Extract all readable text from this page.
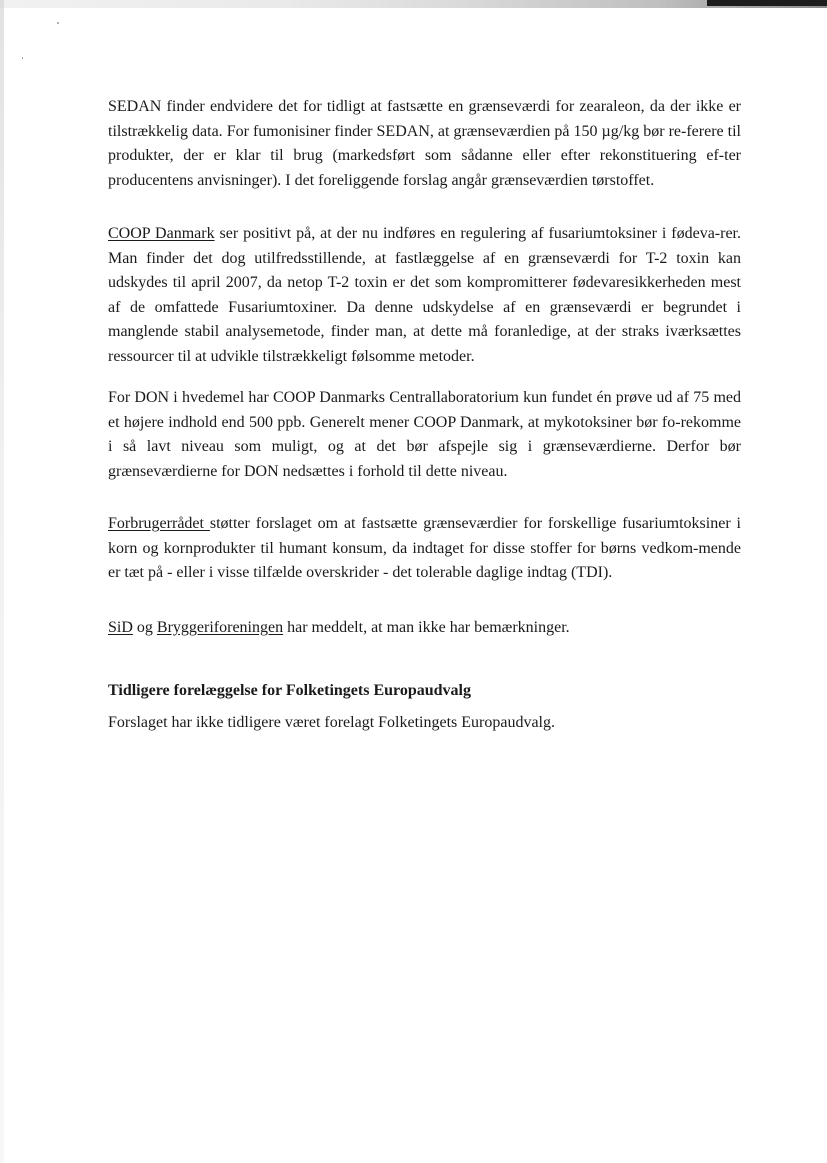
SEDAN finder endvidere det for tidligt at fastsætte en grænseværdi for zearaleon, da der ikke er tilstrækkelig data. For fumonisiner finder SEDAN, at grænseværdien på 150 µg/kg bør re-ferere til produkter, der er klar til brug (markedsført som sådanne eller efter rekonstituering ef-ter producentens anvisninger). I det foreliggende forslag angår grænseværdien tørstoffet.

COOP Danmark ser positivt på, at der nu indføres en regulering af fusariumtoksiner i fødeva-rer. Man finder det dog utilfredsstillende, at fastlæggelse af en grænseværdi for T-2 toxin kan udskydes til april 2007, da netop T-2 toxin er det som kompromitterer fødevaresikkerheden mest af de omfattede Fusariumtoxiner. Da denne udskydelse af en grænseværdi er begrundet i manglende stabil analysemetode, finder man, at dette må foranledige, at der straks iværksættes ressourcer til at udvikle tilstrækkeligt følsomme metoder.

For DON i hvedemel har COOP Danmarks Centrallaboratorium kun fundet én prøve ud af 75 med et højere indhold end 500 ppb. Generelt mener COOP Danmark, at mykotoksiner bør fo-rekomme i så lavt niveau som muligt, og at det bør afspejle sig i grænseværdierne. Derfor bør grænseværdierne for DON nedsættes i forhold til dette niveau.

Forbrugerrådet støtter forslaget om at fastsætte grænseværdier for forskellige fusariumtoksiner i korn og kornprodukter til humant konsum, da indtaget for disse stoffer for børns vedkom-mende er tæt på - eller i visse tilfælde overskrider - det tolerable daglige indtag (TDI).

SiD og Bryggeriforeningen har meddelt, at man ikke har bemærkninger.

Tidligere forelæggelse for Folketingets Europaudvalg

Forslaget har ikke tidligere været forelagt Folketingets Europaudvalg.
